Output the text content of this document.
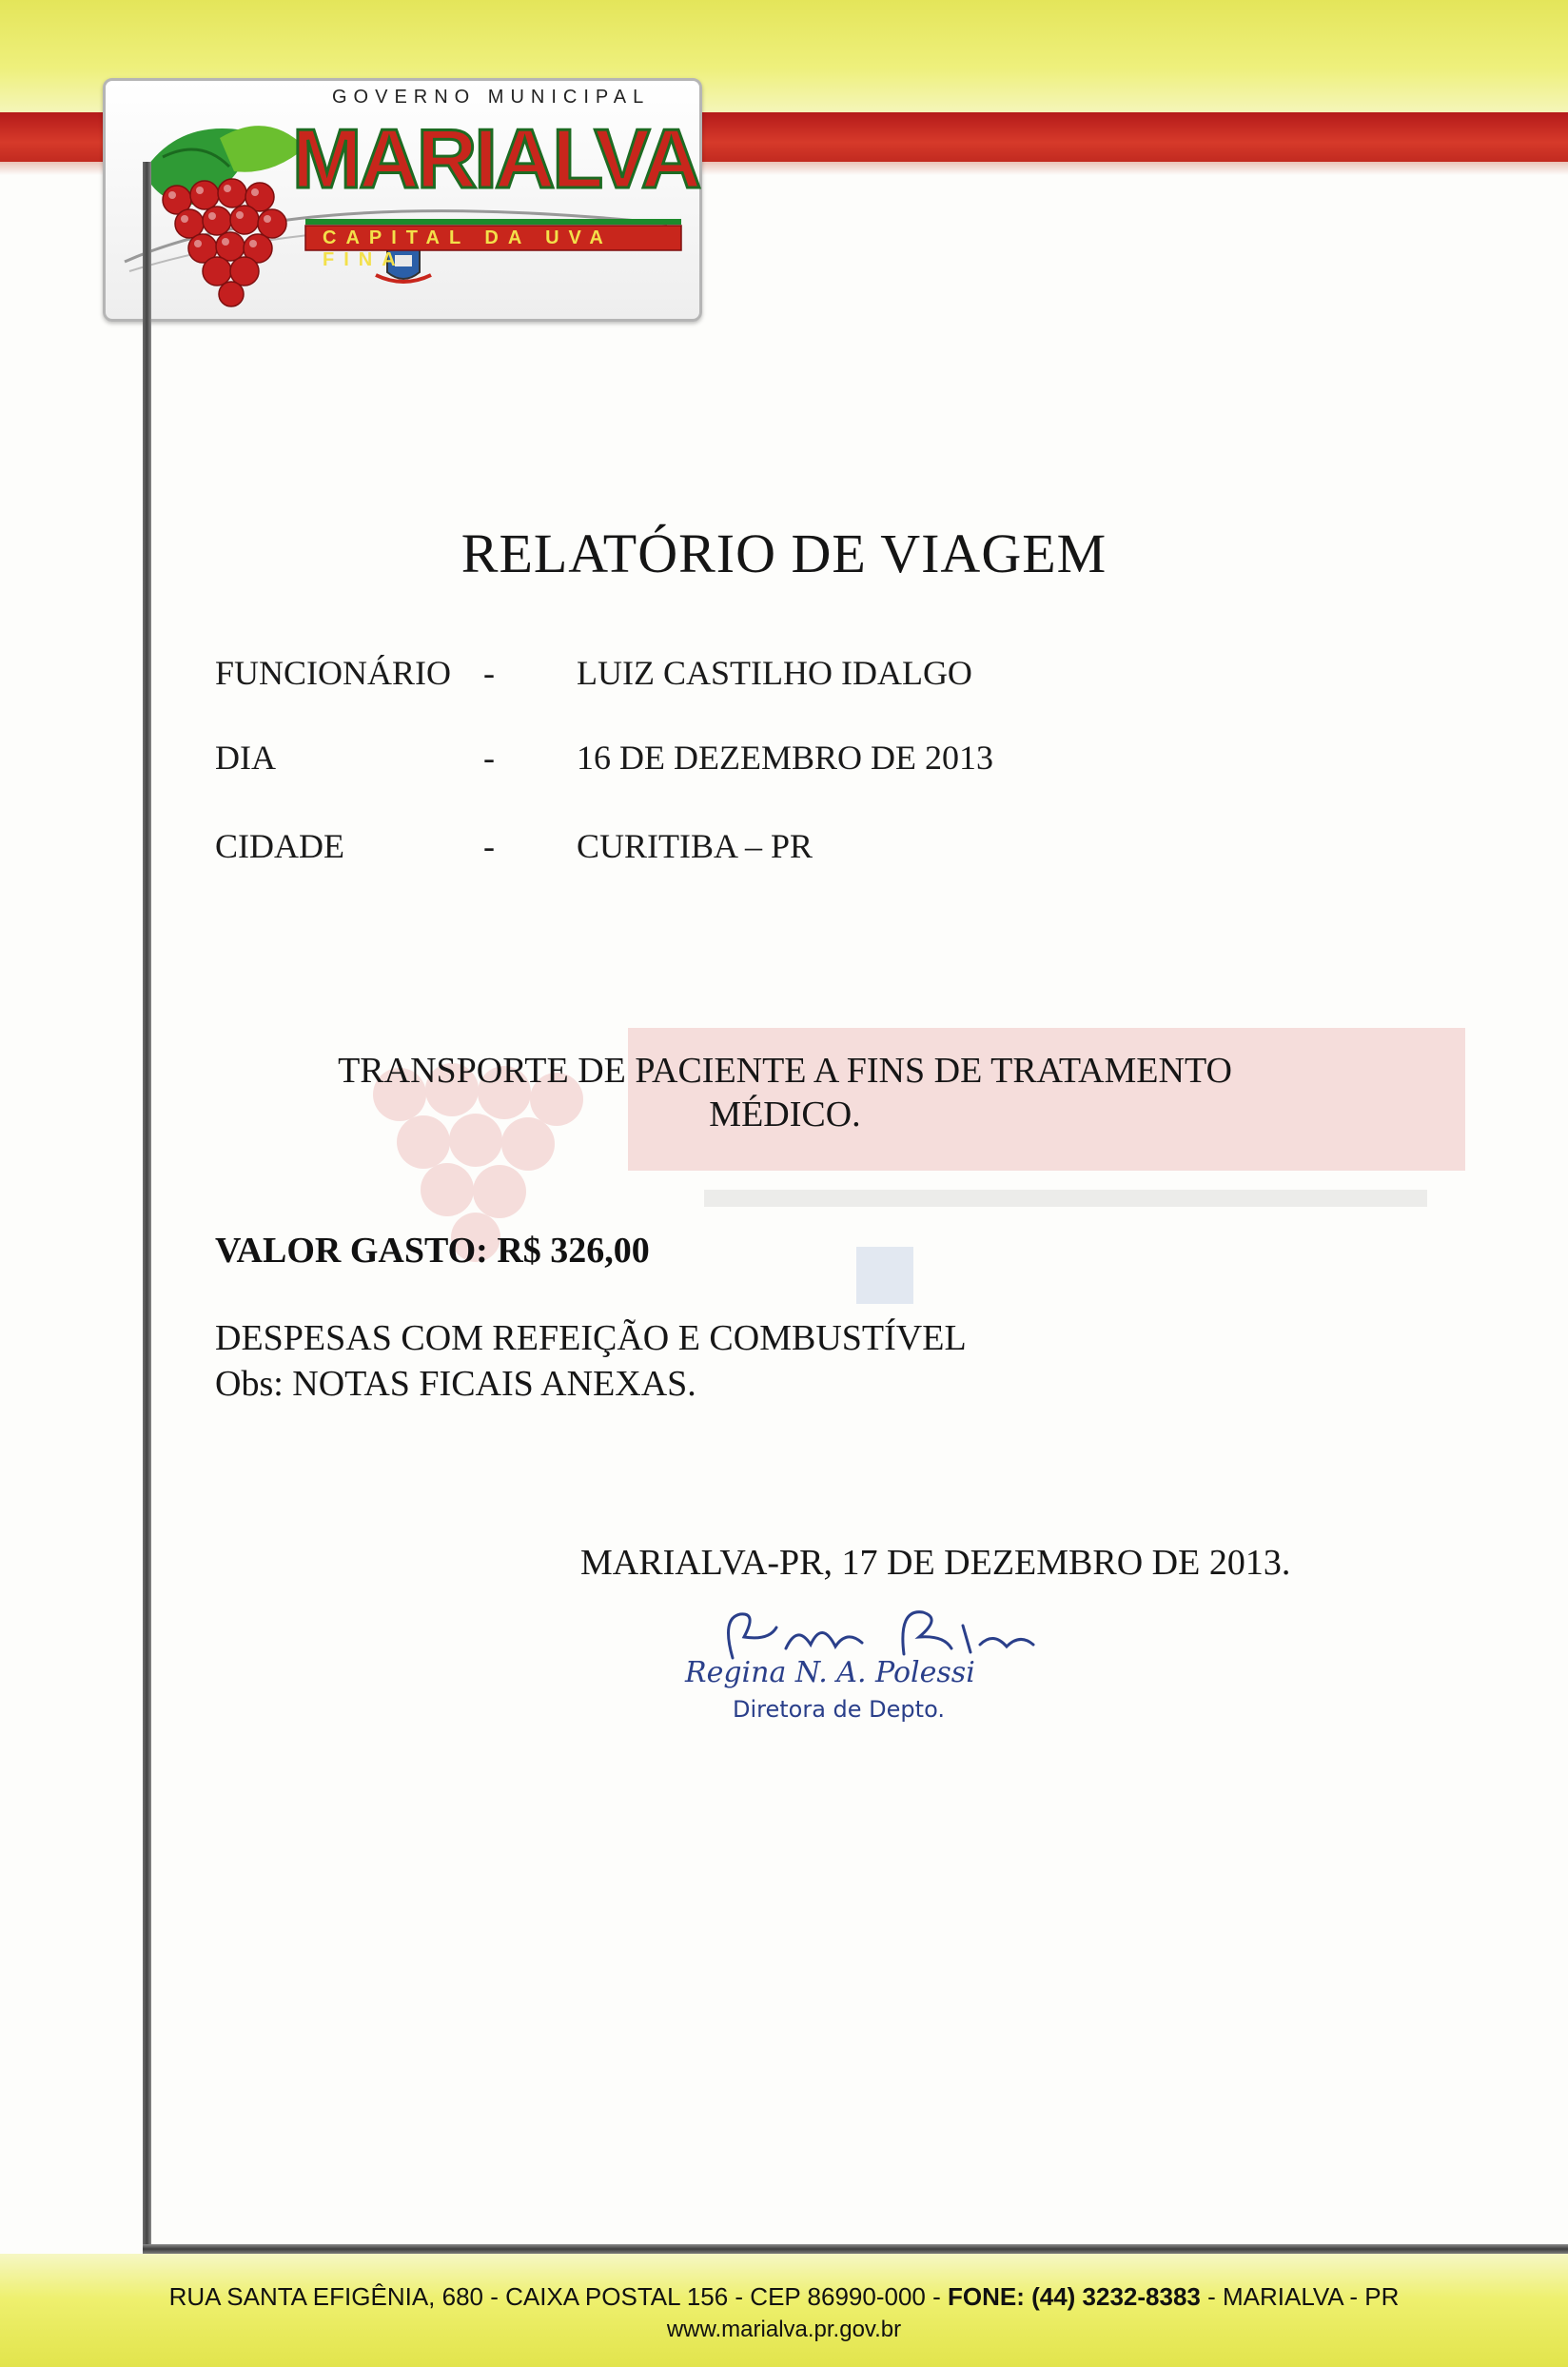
GOVERNO MUNICIPAL
MARIALVA
CAPITAL DA UVA FINA
RELATÓRIO DE VIAGEM
FUNCIONÁRIO - LUIZ CASTILHO IDALGO
DIA	- 16 DE DEZEMBRO DE 2013
CIDADE	- CURITIBA – PR
TRANSPORTE DE PACIENTE A FINS DE TRATAMENTO
MÉDICO.
VALOR GASTO: R$ 326,00
DESPESAS COM REFEIÇÃO E COMBUSTÍVEL
Obs: NOTAS FICAIS ANEXAS.
MARIALVA-PR, 17 DE DEZEMBRO DE 2013.
Regina N. A. Polessi
Diretora de Depto.
RUA SANTA EFIGÊNIA, 680 - CAIXA POSTAL 156 - CEP 86990-000 - FONE: (44) 3232-8383 - MARIALVA - PR
www.marialva.pr.gov.br
